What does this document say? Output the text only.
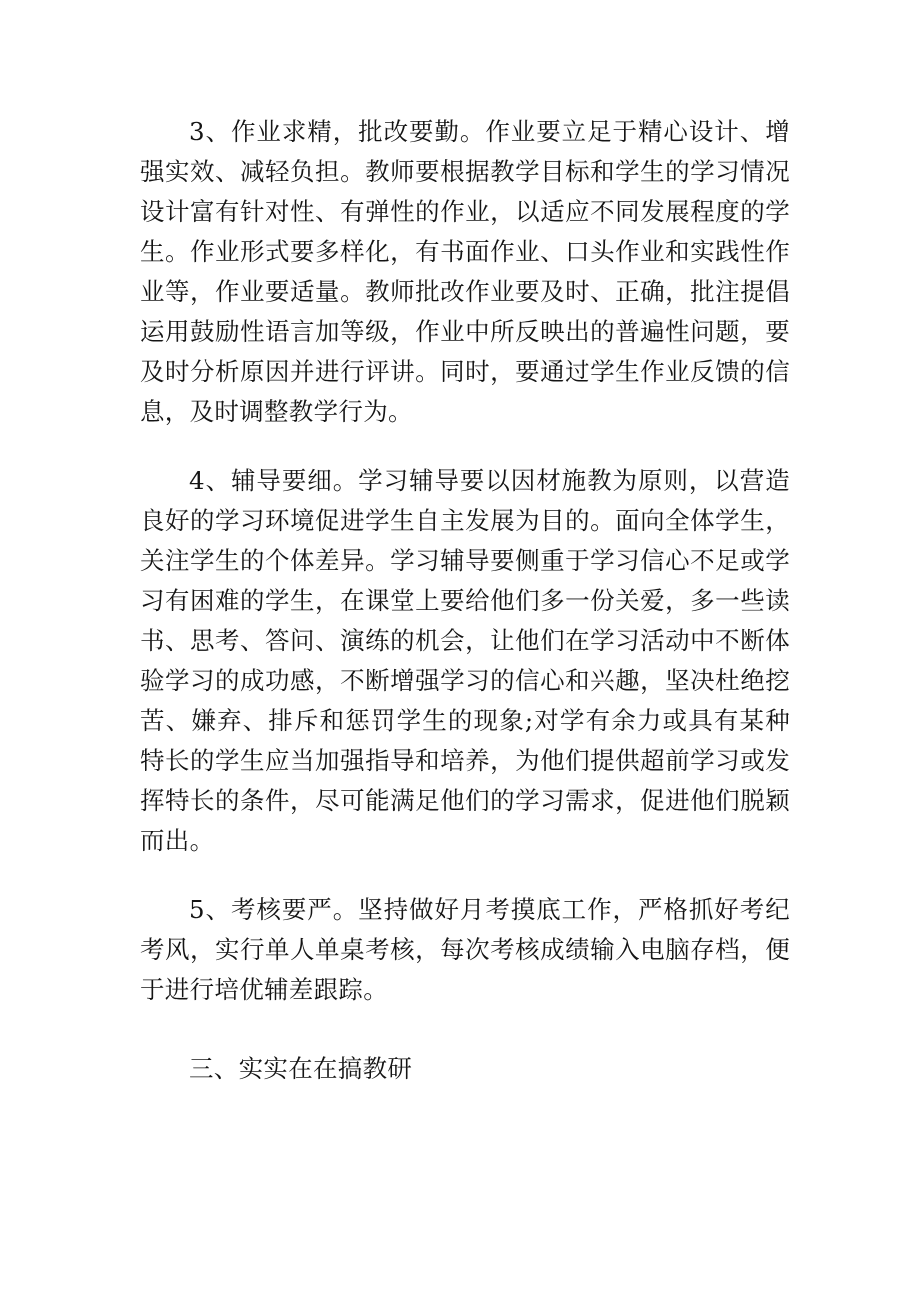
3、作业求精，批改要勤。作业要立足于精心设计、增强实效、减轻负担。教师要根据教学目标和学生的学习情况设计富有针对性、有弹性的作业，以适应不同发展程度的学生。作业形式要多样化，有书面作业、口头作业和实践性作业等，作业要适量。教师批改作业要及时、正确，批注提倡运用鼓励性语言加等级，作业中所反映出的普遍性问题，要及时分析原因并进行评讲。同时，要通过学生作业反馈的信息，及时调整教学行为。

4、辅导要细。学习辅导要以因材施教为原则，以营造良好的学习环境促进学生自主发展为目的。面向全体学生，关注学生的个体差异。学习辅导要侧重于学习信心不足或学习有困难的学生，在课堂上要给他们多一份关爱，多一些读书、思考、答问、演练的机会，让他们在学习活动中不断体验学习的成功感，不断增强学习的信心和兴趣，坚决杜绝挖苦、嫌弃、排斥和惩罚学生的现象;对学有余力或具有某种特长的学生应当加强指导和培养，为他们提供超前学习或发挥特长的条件，尽可能满足他们的学习需求，促进他们脱颖而出。

5、考核要严。坚持做好月考摸底工作，严格抓好考纪考风，实行单人单桌考核，每次考核成绩输入电脑存档，便于进行培优辅差跟踪。

三、实实在在搞教研
